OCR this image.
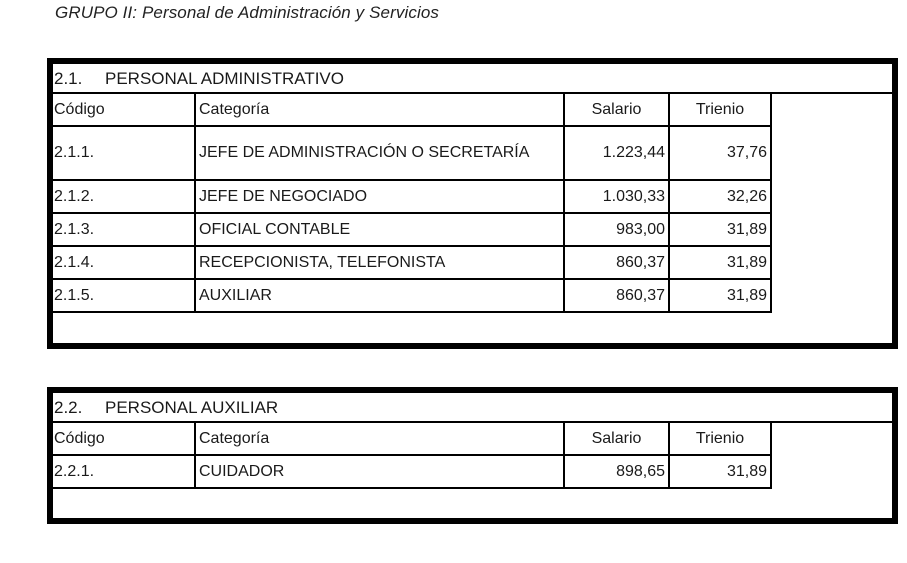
GRUPO II: Personal de Administración y Servicios
2.1. PERSONAL ADMINISTRATIVO
Código	Categoría	Salario	Trienio
2.1.1.	JEFE DE ADMINISTRACIÓN O SECRETARÍA	1.223,44	37,76
2.1.2.	JEFE DE NEGOCIADO	1.030,33	32,26
2.1.3.	OFICIAL CONTABLE	983,00	31,89
2.1.4.	RECEPCIONISTA, TELEFONISTA	860,37	31,89
2.1.5.	AUXILIAR	860,37	31,89
2.2. PERSONAL AUXILIAR
Código	Categoría	Salario	Trienio
2.2.1.	CUIDADOR	898,65	31,89
